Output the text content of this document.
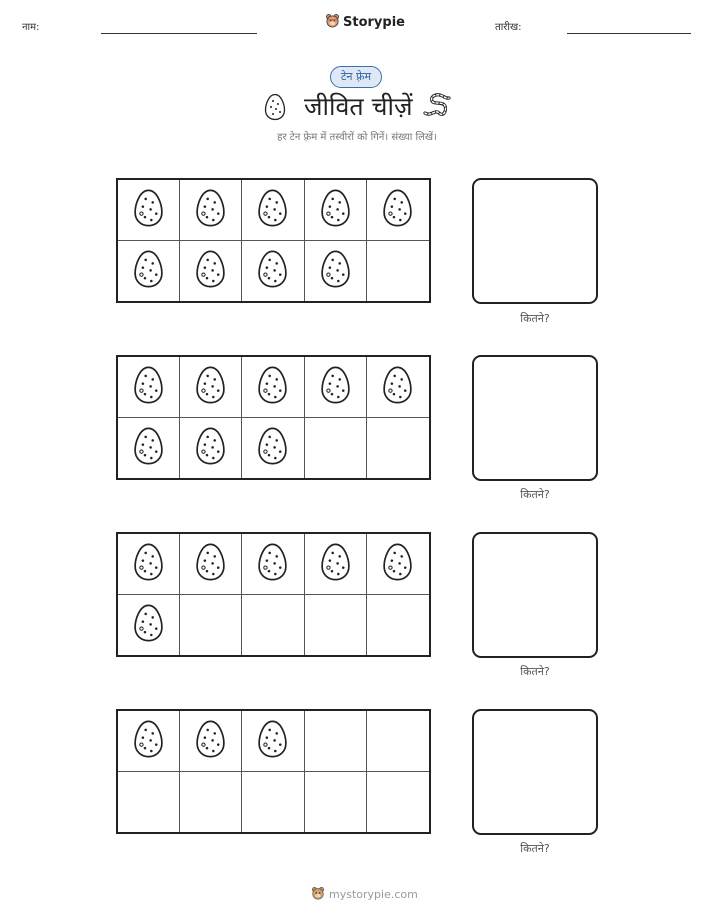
नाम:	Storypie	तारीख:
टेन फ़्रेम
जीवित चीज़ें
हर टेन फ़्रेम में तस्वीरों को गिनें। संख्या लिखें।
कितने?
कितने?
कितने?
कितने?
mystorypie.com
